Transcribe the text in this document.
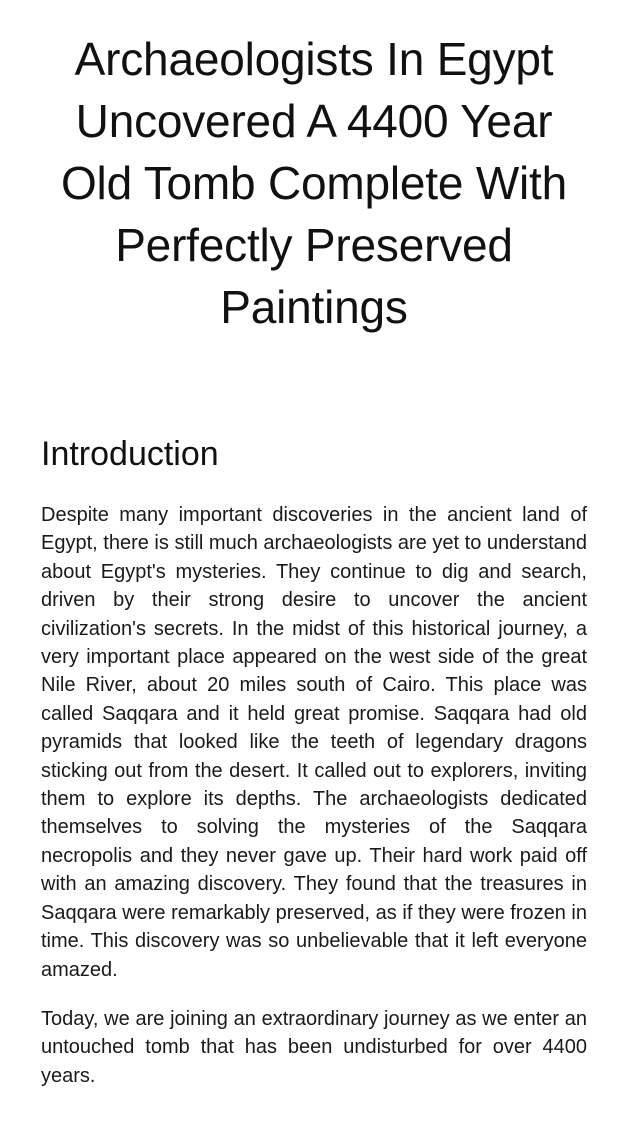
Archaeologists In Egypt Uncovered A 4400 Year Old Tomb Complete With Perfectly Preserved Paintings
Introduction

Despite many important discoveries in the ancient land of Egypt, there is still much archaeologists are yet to understand about Egypt's mysteries. They continue to dig and search, driven by their strong desire to uncover the ancient civilization's secrets. In the midst of this historical journey, a very important place appeared on the west side of the great Nile River, about 20 miles south of Cairo. This place was called Saqqara and it held great promise. Saqqara had old pyramids that looked like the teeth of legendary dragons sticking out from the desert. It called out to explorers, inviting them to explore its depths. The archaeologists dedicated themselves to solving the mysteries of the Saqqara necropolis and they never gave up. Their hard work paid off with an amazing discovery. They found that the treasures in Saqqara were remarkably preserved, as if they were frozen in time. This discovery was so unbelievable that it left everyone amazed.

Today, we are joining an extraordinary journey as we enter an untouched tomb that has been undisturbed for over 4400 years.
